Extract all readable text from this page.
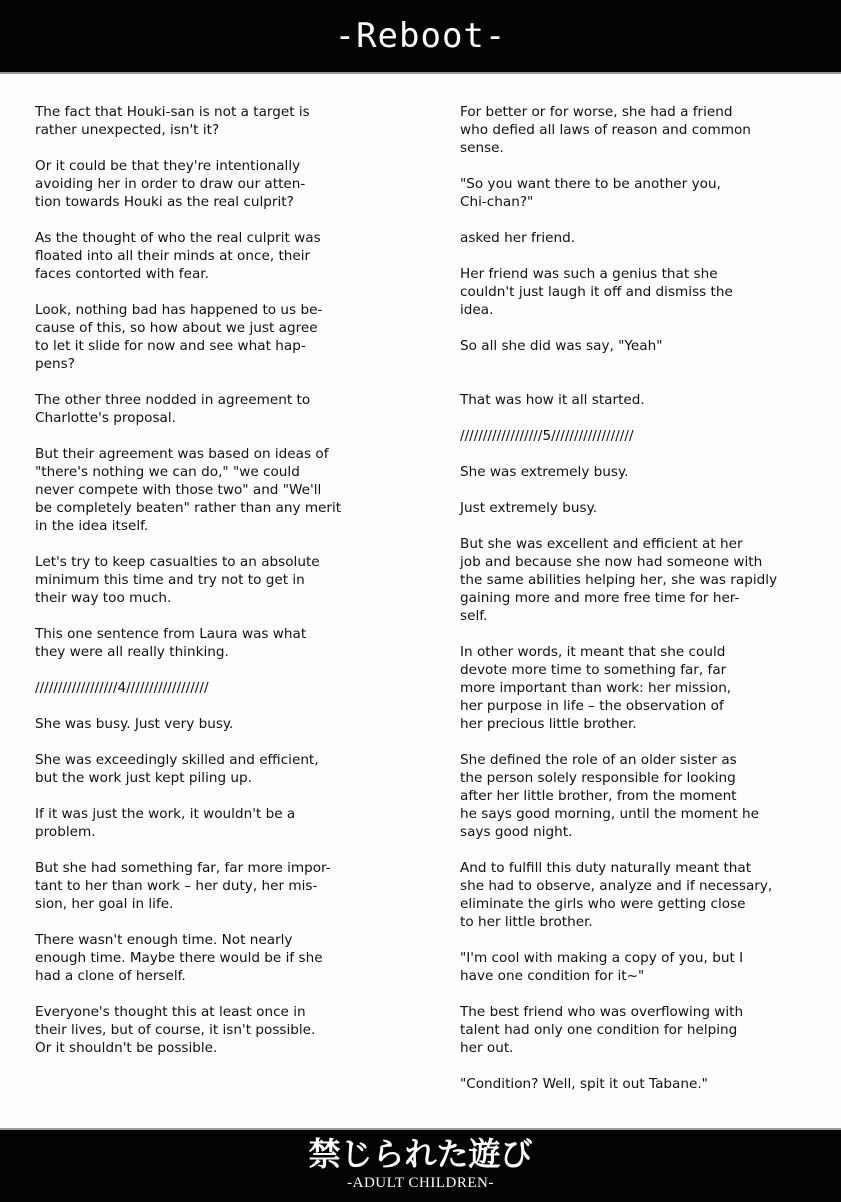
-Reboot-
The fact that Houki-san is not a target is
rather unexpected, isn't it?
Or it could be that they're intentionally
avoiding her in order to draw our atten-
tion towards Houki as the real culprit?
As the thought of who the real culprit was
floated into all their minds at once, their
faces contorted with fear.
Look, nothing bad has happened to us be-
cause of this, so how about we just agree
to let it slide for now and see what hap-
pens?
The other three nodded in agreement to
Charlotte's proposal.
But their agreement was based on ideas of
"there's nothing we can do," "we could
never compete with those two" and "We'll
be completely beaten" rather than any merit
in the idea itself.
Let's try to keep casualties to an absolute
minimum this time and try not to get in
their way too much.
This one sentence from Laura was what
they were all really thinking.
//////////////////4//////////////////
She was busy. Just very busy.
She was exceedingly skilled and efficient,
but the work just kept piling up.
If it was just the work, it wouldn't be a
problem.
But she had something far, far more impor-
tant to her than work – her duty, her mis-
sion, her goal in life.
There wasn't enough time. Not nearly
enough time. Maybe there would be if she
had a clone of herself.
Everyone's thought this at least once in
their lives, but of course, it isn't possible.
Or it shouldn't be possible.
For better or for worse, she had a friend
who defied all laws of reason and common
sense.
"So you want there to be another you,
Chi-chan?"
asked her friend.
Her friend was such a genius that she
couldn't just laugh it off and dismiss the
idea.
So all she did was say, "Yeah"
That was how it all started.
//////////////////5//////////////////
She was extremely busy.
Just extremely busy.
But she was excellent and efficient at her
job and because she now had someone with
the same abilities helping her, she was rapidly
gaining more and more free time for her-
self.
In other words, it meant that she could
devote more time to something far, far
more important than work: her mission,
her purpose in life – the observation of
her precious little brother.
She defined the role of an older sister as
the person solely responsible for looking
after her little brother, from the moment
he says good morning, until the moment he
says good night.
And to fulfill this duty naturally meant that
she had to observe, analyze and if necessary,
eliminate the girls who were getting close
to her little brother.
"I'm cool with making a copy of you, but I
have one condition for it~"
The best friend who was overflowing with
talent had only one condition for helping
her out.
"Condition? Well, spit it out Tabane."
禁じられた遊び
-ADULT CHILDREN-
